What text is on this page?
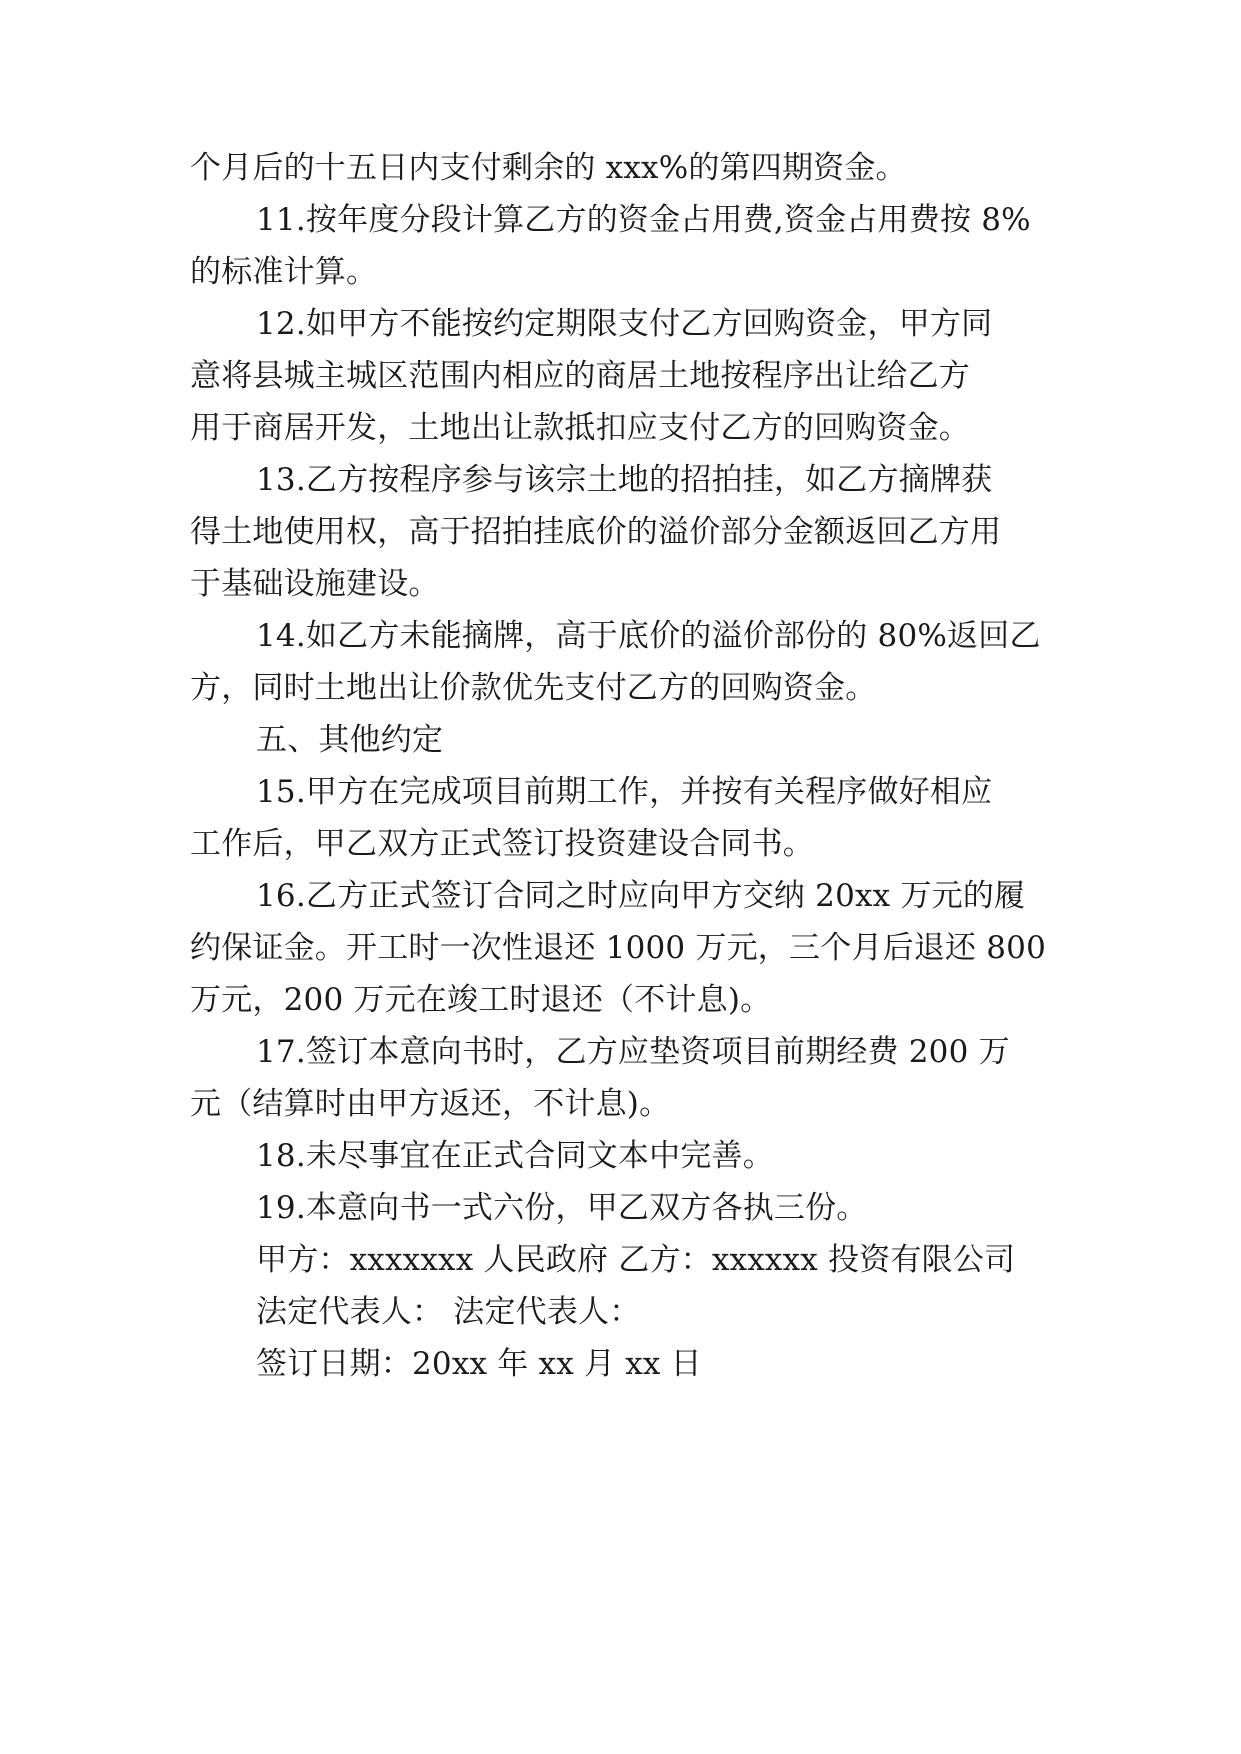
个月后的十五日内支付剩余的 xxx%的第四期资金。
11.按年度分段计算乙方的资金占用费,资金占用费按 8%
的标准计算。
12.如甲方不能按约定期限支付乙方回购资金，甲方同
意将县城主城区范围内相应的商居土地按程序出让给乙方
用于商居开发，土地出让款抵扣应支付乙方的回购资金。
13.乙方按程序参与该宗土地的招拍挂，如乙方摘牌获
得土地使用权，高于招拍挂底价的溢价部分金额返回乙方用
于基础设施建设。
14.如乙方未能摘牌，高于底价的溢价部份的 80%返回乙
方，同时土地出让价款优先支付乙方的回购资金。
五、其他约定
15.甲方在完成项目前期工作，并按有关程序做好相应
工作后，甲乙双方正式签订投资建设合同书。
16.乙方正式签订合同之时应向甲方交纳 20xx 万元的履
约保证金。开工时一次性退还 1000 万元，三个月后退还 800
万元，200 万元在竣工时退还（不计息)。
17.签订本意向书时，乙方应垫资项目前期经费 200 万
元（结算时由甲方返还，不计息)。
18.未尽事宜在正式合同文本中完善。
19.本意向书一式六份，甲乙双方各执三份。
甲方：xxxxxxx 人民政府 乙方：xxxxxx 投资有限公司
法定代表人： 法定代表人：
签订日期：20xx 年 xx 月 xx 日
